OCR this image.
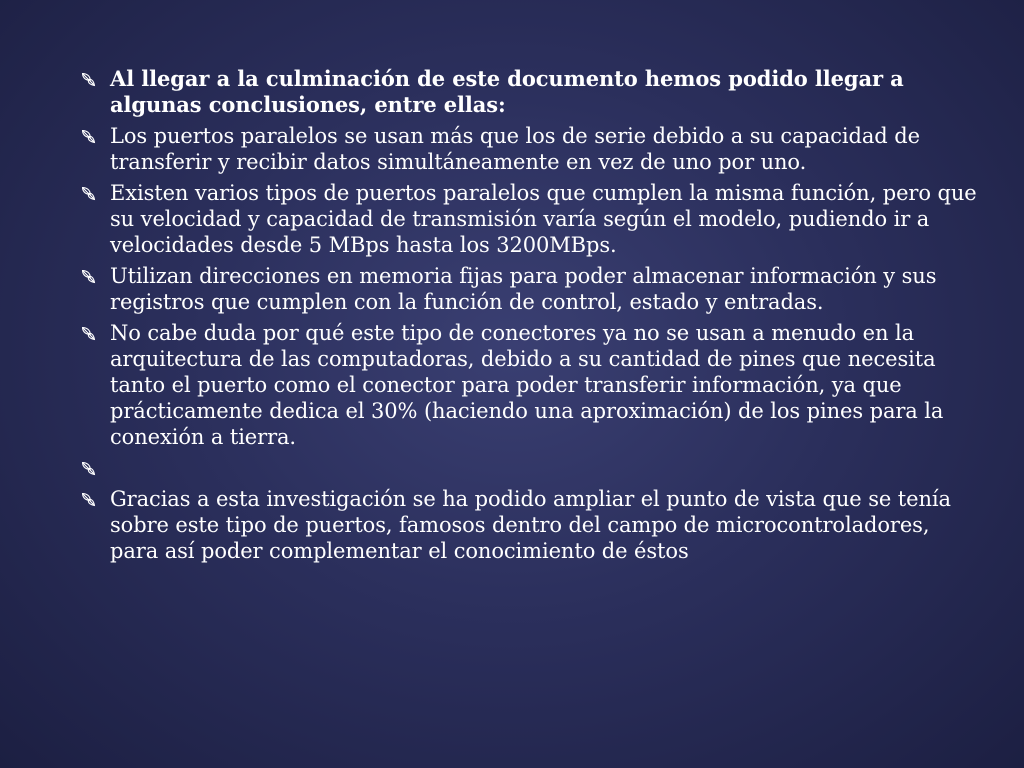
Al llegar a la culminación de este documento hemos podido llegar a algunas conclusiones, entre ellas:
Los puertos paralelos se usan más que los de serie debido a su capacidad de transferir y recibir datos simultáneamente en vez de uno por uno.
Existen varios tipos de puertos paralelos que cumplen la misma función, pero que su velocidad y capacidad de transmisión varía según el modelo, pudiendo ir a velocidades desde 5 MBps hasta los 3200MBps.
Utilizan direcciones en memoria fijas para poder almacenar información y sus registros que cumplen con la función de control, estado y entradas.
No cabe duda por qué este tipo de conectores ya no se usan a menudo en la arquitectura de las computadoras, debido a su cantidad de pines que necesita tanto el puerto como el conector para poder transferir información, ya que prácticamente dedica el 30% (haciendo una aproximación) de los pines para la conexión a tierra.
Gracias a esta investigación se ha podido ampliar el punto de vista que se tenía sobre este tipo de puertos, famosos dentro del campo de microcontroladores, para así poder complementar el conocimiento de éstos
